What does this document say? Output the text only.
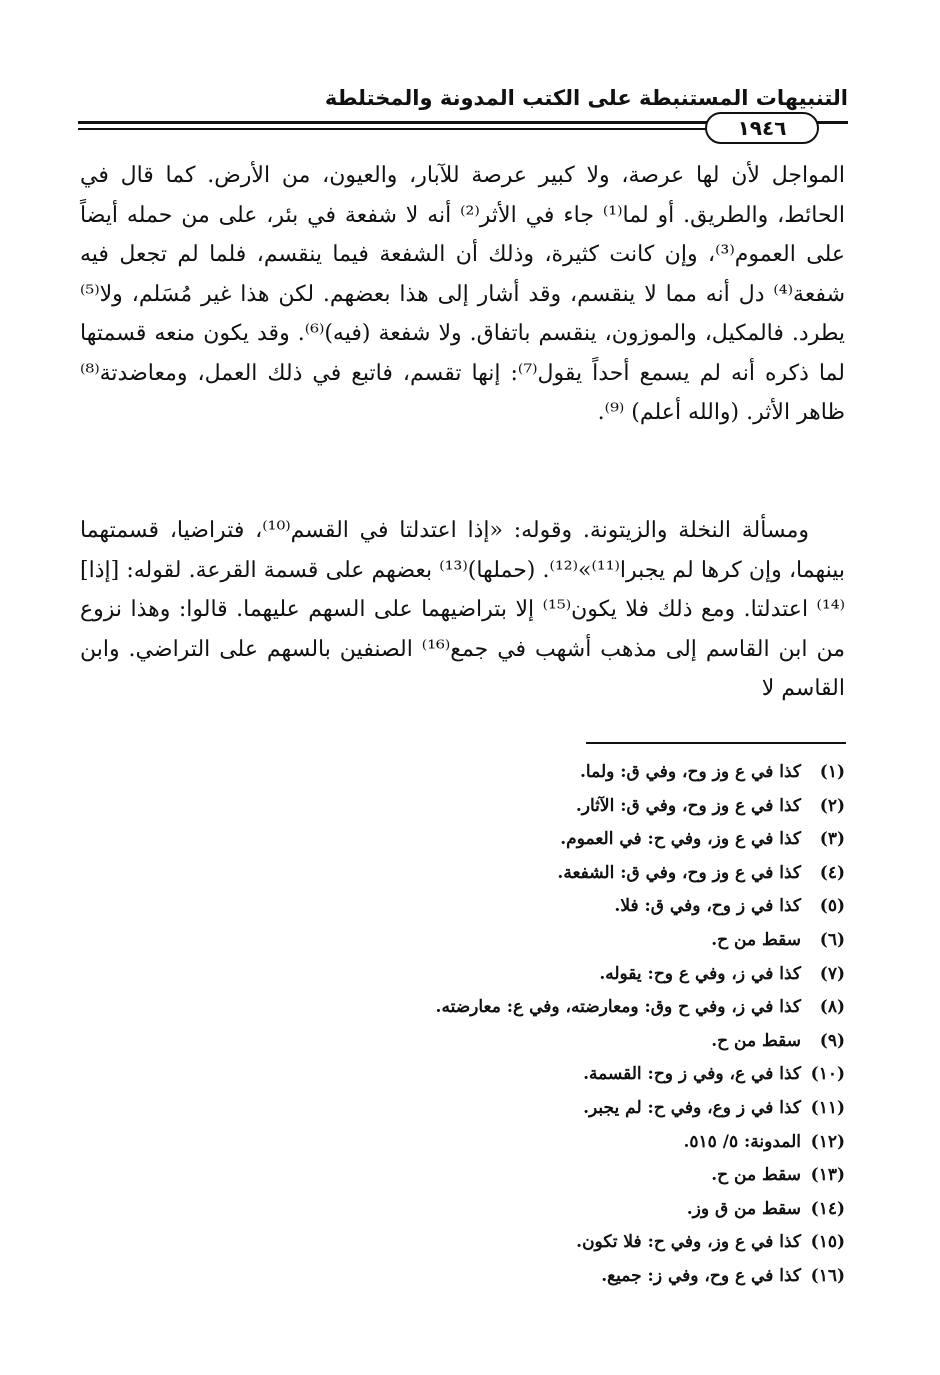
التنبيهات المستنبطة على الكتب المدونة والمختلطة
١٩٤٦
المواجل لأن لها عرصة، ولا كبير عرصة للآبار، والعيون، من الأرض. كما قال في الحائط، والطريق. أو لما⁽¹⁾ جاء في الأثر⁽²⁾ أنه لا شفعة في بئر، على من حمله أيضاً على العموم⁽³⁾، وإن كانت كثيرة، وذلك أن الشفعة فيما ينقسم، فلما لم تجعل فيه شفعة⁽⁴⁾ دل أنه مما لا ينقسم، وقد أشار إلى هذا بعضهم. لكن هذا غير مُسَلم، ولا⁽⁵⁾ يطرد. فالمكيل، والموزون، ينقسم باتفاق. ولا شفعة (فيه)⁽⁶⁾. وقد يكون منعه قسمتها لما ذكره أنه لم يسمع أحداً يقول⁽⁷⁾: إنها تقسم، فاتبع في ذلك العمل، ومعاضدتة⁽⁸⁾ ظاهر الأثر. (والله أعلم) ⁽⁹⁾.
ومسألة النخلة والزيتونة. وقوله: «إذا اعتدلتا في القسم⁽¹⁰⁾، فتراضيا، قسمتهما بينهما، وإن كرها لم يجبرا⁽¹¹⁾»⁽¹²⁾. (حملها)⁽¹³⁾ بعضهم على قسمة القرعة. لقوله: [إذا]⁽¹⁴⁾ اعتدلتا. ومع ذلك فلا يكون⁽¹⁵⁾ إلا بتراضيهما على السهم عليهما. قالوا: وهذا نزوع من ابن القاسم إلى مذهب أشهب في جمع⁽¹⁶⁾ الصنفين بالسهم على التراضي. وابن القاسم لا
(١)كذا في ع وز وح، وفي ق: ولما.
(٢)كذا في ع وز وح، وفي ق: الآثار.
(٣)كذا في ع وز، وفي ح: في العموم.
(٤)كذا في ع وز وح، وفي ق: الشفعة.
(٥)كذا في ز وح، وفي ق: فلا.
(٦)سقط من ح.
(٧)كذا في ز، وفي ع وح: يقوله.
(٨)كذا في ز، وفي ح وق: ومعارضته، وفي ع: معارضته.
(٩)سقط من ح.
(١٠)كذا في ع، وفي ز وح: القسمة.
(١١)كذا في ز وع، وفي ح: لم يجبر.
(١٢)المدونة: ٥/ ٥١٥.
(١٣)سقط من ح.
(١٤)سقط من ق وز.
(١٥)كذا في ع وز، وفي ح: فلا تكون.
(١٦)كذا في ع وح، وفي ز: جميع.
